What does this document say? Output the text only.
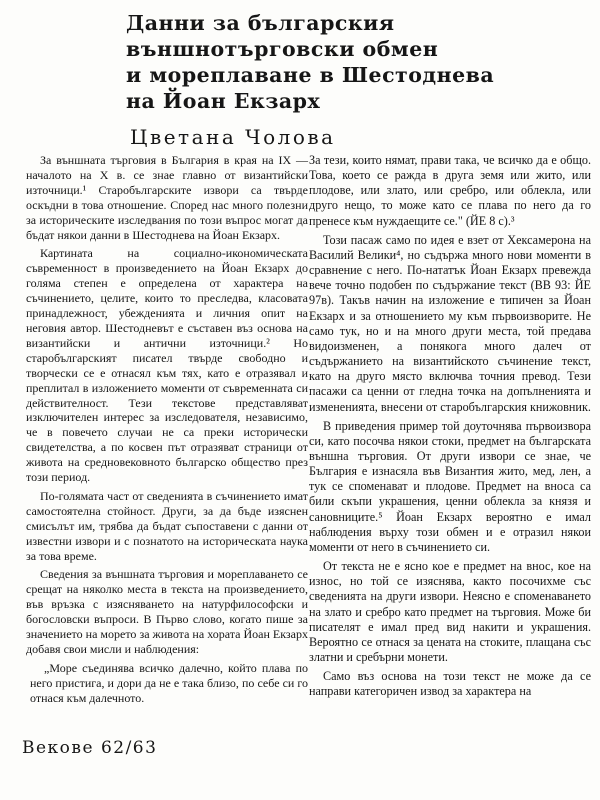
Данни за българския
външнотърговски обмен
и мореплаване в Шестоднева
на Йоан Екзарх
Цветана Чолова

За външната търговия в България в края на IX — началото на X в. се знае главно от византийски източници.¹ Старобългарските извори са твърде оскъдни в това отношение. Според нас много полезни за историческите изследвания по този въпрос могат да бъдат някои данни в Шестоднева на Йоан Екзарх.

Картината на социално-икономическата съвременност в произведението на Йоан Екзарх до голяма степен е определена от характера на съчинението, целите, които то преследва, класовата принадлежност, убежденията и личния опит на неговия автор. Шестодневът е съставен въз основа на византийски и антични източници.² Но старобългарският писател твърде свободно и творчески се е отнасял към тях, като е отразявал и преплитал в изложението моменти от съвременната си действителност. Тези текстове представляват изключителен интерес за изследователя, независимо, че в повечето случаи не са преки исторически свидетелства, а по косвен път отразяват страници от живота на средновековното българско общество през този период.

По-голямата част от сведенията в съчинението имат самостоятелна стойност. Други, за да бъде изяснен смисълът им, трябва да бъдат съпоставени с данни от известни извори и с познатото на историческата наука за това време.

Сведения за външната търговия и мореплаването се срещат на няколко места в текста на произведението, във връзка с изясняването на натурфилософски и богословски въпроси. В Първо слово, когато пише за значението на морето за живота на хората Йоан Екзарх добавя свои мисли и наблюдения:

„Море съединява всичко далечно, който плава по него пристига, и дори да не е така близо, по себе си го отнася към далечното.

За тези, които нямат, прави така, че всичко да е общо. Това, което се ражда в друга земя или жито, или плодове, или злато, или сребро, или облекла, или друго нещо, то може като се плава по него да го пренесе към нуждаещите се." (ЙЕ 8 с).³

Този пасаж само по идея е взет от Хексамерона на Василий Велики⁴, но съдържа много нови моменти в сравнение с него. По-нататък Йоан Екзарх превежда вече точно подобен по съдържание текст (ВВ 93: ЙЕ 97в). Такъв начин на изложение е типичен за Йоан Екзарх и за отношението му към първоизворите. Не само тук, но и на много други места, той предава видоизменен, а понякога много далеч от съдържанието на византийското съчинение текст, като на друго място включва точния превод. Тези пасажи са ценни от гледна точка на допълненията и измененията, внесени от старобългарския книжовник.

В приведения пример той доуточнява първоизвора си, като посочва някои стоки, предмет на българската външна търговия. От други извори се знае, че България е изнасяла във Византия жито, мед, лен, а тук се споменават и плодове. Предмет на вноса са били скъпи украшения, ценни облекла за князя и сановниците.⁵ Йоан Екзарх вероятно е имал наблюдения върху този обмен и е отразил някои моменти от него в съчинението си.

От текста не е ясно кое е предмет на внос, кое на износ, но той се изяснява, както посочихме със сведенията на други извори. Неясно е споменаването на злато и сребро като предмет на търговия. Може би писателят е имал пред вид накити и украшения. Вероятно се отнася за цената на стоките, плащана със златни и сребърни монети.

Само въз основа на този текст не може да се направи категоричен извод за характера на

Векове 62/63
